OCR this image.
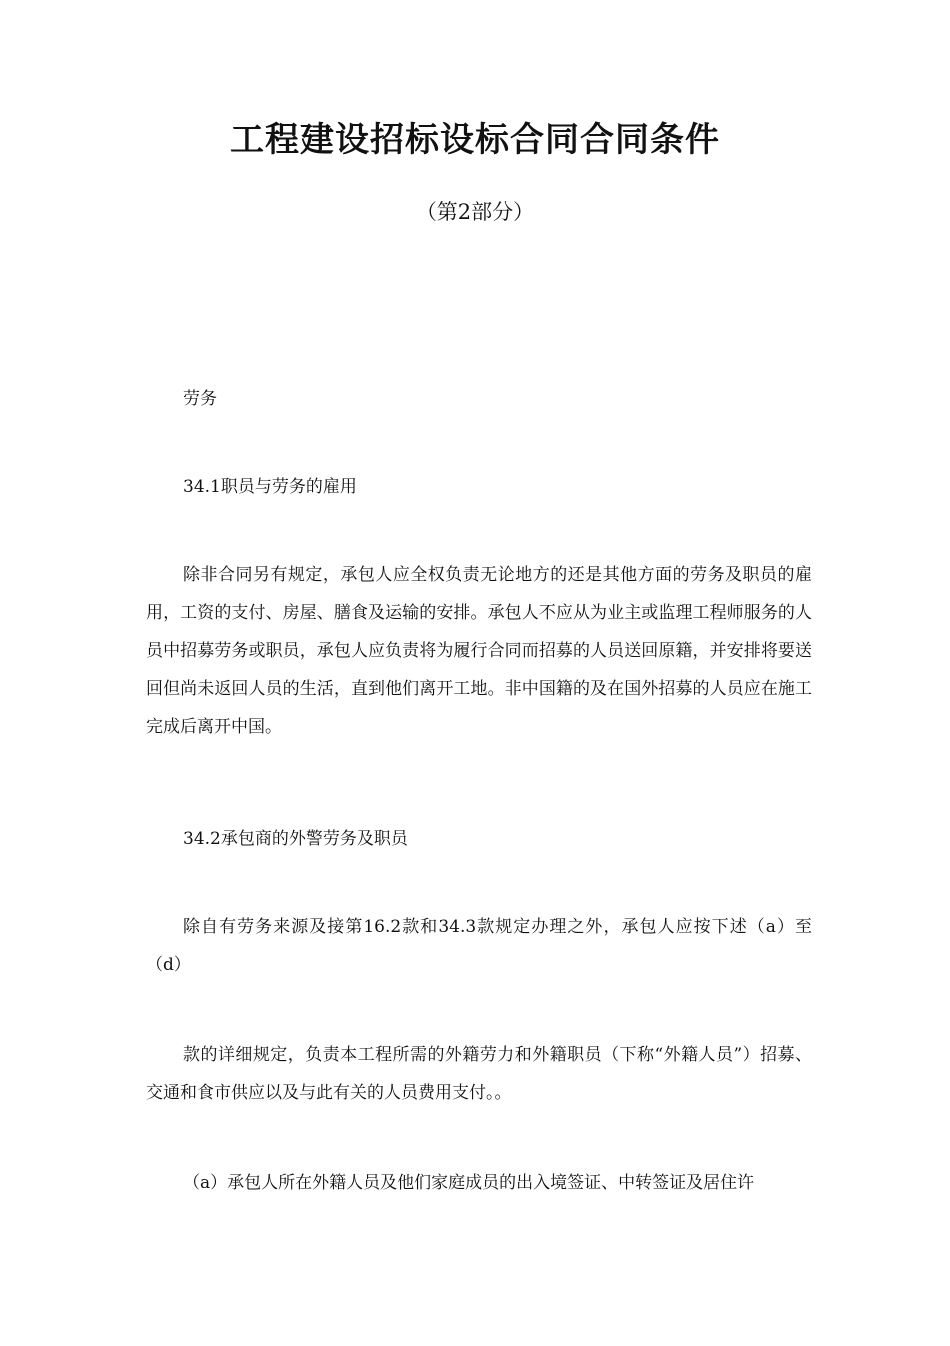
工程建设招标设标合同合同条件

（第2部分）

劳务

34.1职员与劳务的雇用

除非合同另有规定，承包人应全权负责无论地方的还是其他方面的劳务及职员的雇用，工资的支付、房屋、膳食及运输的安排。承包人不应从为业主或监理工程师服务的人员中招募劳务或职员，承包人应负责将为履行合同而招募的人员送回原籍，并安排将要送回但尚未返回人员的生活，直到他们离开工地。非中国籍的及在国外招募的人员应在施工完成后离开中国。

34.2承包商的外警劳务及职员

除自有劳务来源及接第16.2款和34.3款规定办理之外，承包人应按下述（a）至（d）

款的详细规定，负责本工程所需的外籍劳力和外籍职员（下称“外籍人员”）招募、交通和食市供应以及与此有关的人员费用支付。。

（a）承包人所在外籍人员及他们家庭成员的出入境签证、中转签证及居住许
